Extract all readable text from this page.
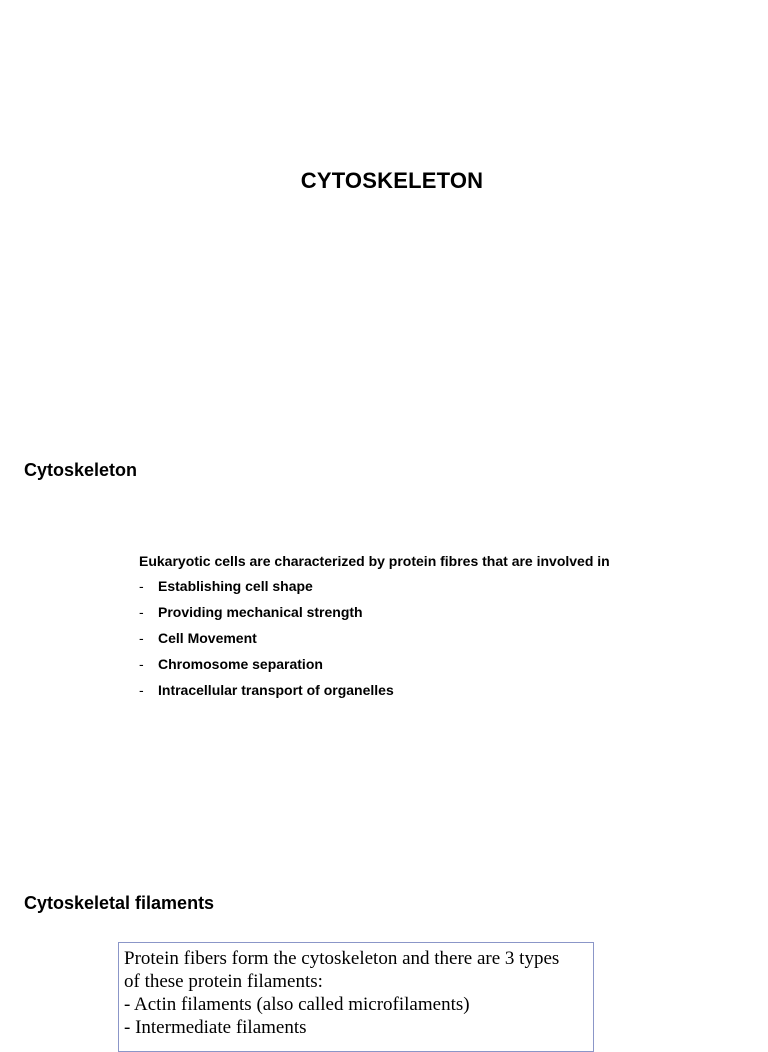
CYTOSKELETON
Cytoskeleton
Eukaryotic cells are characterized by protein fibres that are involved in
-	Establishing cell shape
-	Providing mechanical strength
-	Cell Movement
-	Chromosome separation
-	Intracellular transport of organelles
Cytoskeletal filaments
Protein fibers form the cytoskeleton and there are 3 types
of these protein filaments:
- Actin filaments (also called microfilaments)
- Intermediate filaments
